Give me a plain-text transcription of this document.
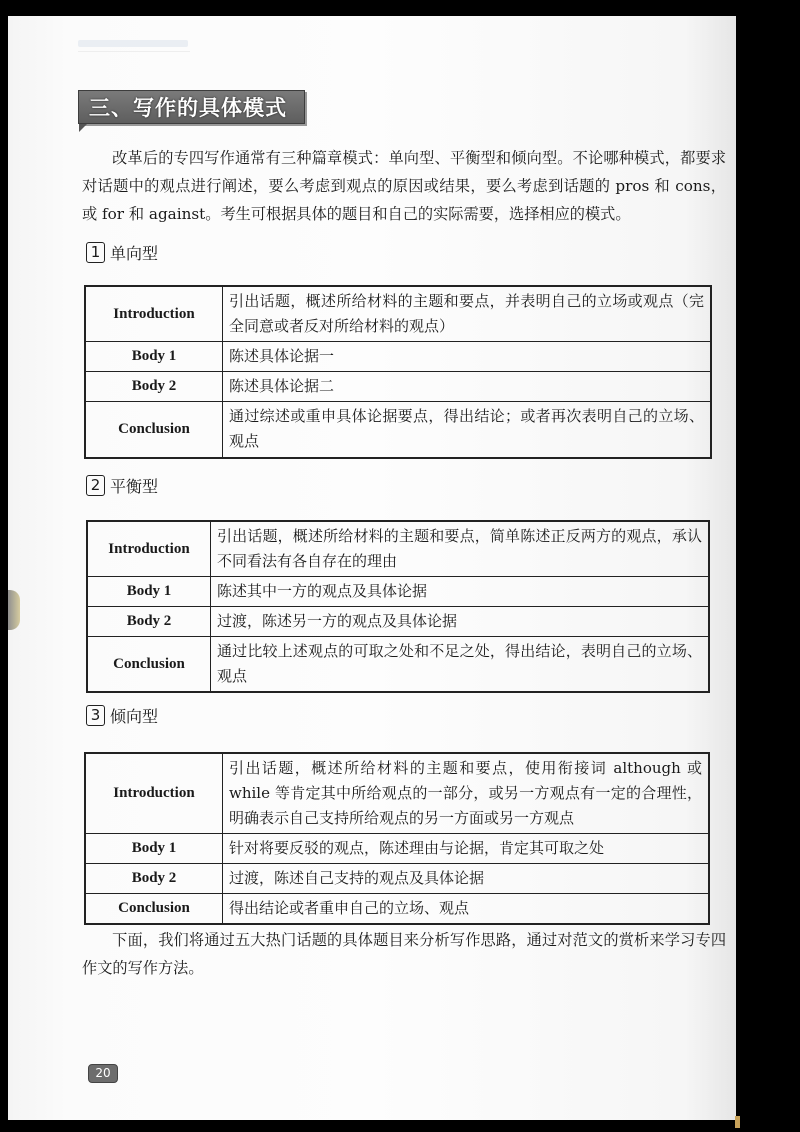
三、写作的具体模式
改革后的专四写作通常有三种篇章模式：单向型、平衡型和倾向型。不论哪种模式，都要求对话题中的观点进行阐述，要么考虑到观点的原因或结果，要么考虑到话题的 pros 和 cons，或 for 和 against。考生可根据具体的题目和自己的实际需要，选择相应的模式。
1 单向型
Introduction	引出话题，概述所给材料的主题和要点，并表明自己的立场或观点（完全同意或者反对所给材料的观点）
Body 1	陈述具体论据一
Body 2	陈述具体论据二
Conclusion	通过综述或重申具体论据要点，得出结论；或者再次表明自己的立场、观点
2 平衡型
Introduction	引出话题，概述所给材料的主题和要点，简单陈述正反两方的观点，承认不同看法有各自存在的理由
Body 1	陈述其中一方的观点及具体论据
Body 2	过渡，陈述另一方的观点及具体论据
Conclusion	通过比较上述观点的可取之处和不足之处，得出结论，表明自己的立场、观点
3 倾向型
Introduction	引出话题，概述所给材料的主题和要点，使用衔接词 although 或 while 等肯定其中所给观点的一部分，或另一方观点有一定的合理性，明确表示自己支持所给观点的另一方面或另一方观点
Body 1	针对将要反驳的观点，陈述理由与论据，肯定其可取之处
Body 2	过渡，陈述自己支持的观点及具体论据
Conclusion	得出结论或者重申自己的立场、观点
下面，我们将通过五大热门话题的具体题目来分析写作思路，通过对范文的赏析来学习专四作文的写作方法。
20
